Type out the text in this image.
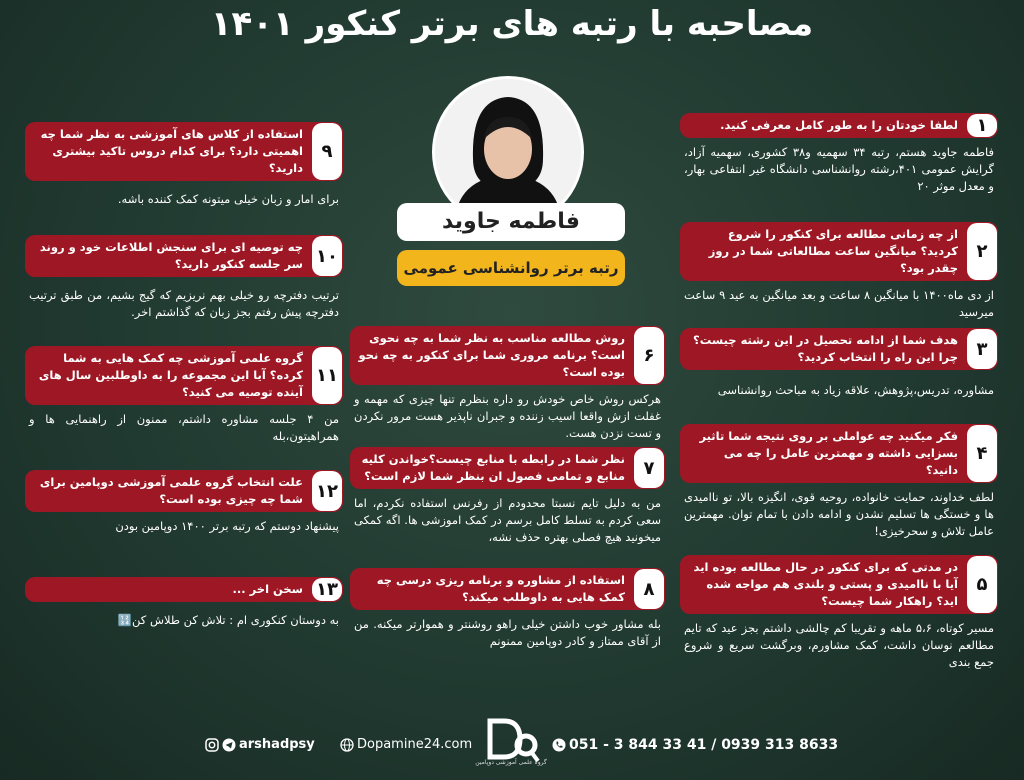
مصاحبه با رتبه های برتر کنکور ۱۴۰۱
فاطمه جاوید
رتبه برتر روانشناسی عمومی
۱
لطفا خودتان را به طور کامل معرفی کنید.
فاطمه جاوید هستم، رتبه ۳۴ سهمیه و۳۸ کشوری، سهمیه آزاد، گرایش عمومی ۴۰۱،رشته روانشناسی دانشگاه غیر انتفاعی بهار، و معدل موثر ۲۰
۲
از چه زمانی مطالعه برای کنکور را شروع کردید؟ میانگین ساعت مطالعاتی شما در روز چقدر بود؟
از دی ماه۱۴۰۰ با میانگین ۸ ساعت و بعد میانگین به عید ۹ ساعت میرسید
۳
هدف شما از ادامه تحصیل در این رشته چیست؟ چرا این راه را انتخاب کردید؟
مشاوره، تدریس،پژوهش، علاقه زیاد به مباحث روانشناسی
۴
فکر میکنید چه عواملی بر روی نتیجه شما تاثیر بسزایی داشته و مهمترین عامل را چه می دانید؟
لطف خداوند، حمایت خانواده، روحیه قوی، انگیزه بالا، تو ناامیدی ها و خستگی ها تسلیم نشدن و ادامه دادن با تمام توان. مهمترین عامل تلاش و سحرخیزی!
۵
در مدتی که برای کنکور در حال مطالعه بوده اید آیا با ناامیدی و پستی و بلندی هم مواجه شده اید؟ راهکار شما چیست؟
مسیر کوتاه، ۵،۶ ماهه و تقریبا کم چالشی داشتم بجز عید که تایم مطالعم نوسان داشت، کمک مشاورم، وبرگشت سریع و شروع جمع بندی
۶
روش مطالعه مناسب به نظر شما به چه نحوی است؟ برنامه مروری شما برای کنکور به چه نحو بوده است؟
هرکس روش خاص خودش رو داره بنظرم تنها چیزی که مهمه و غفلت ازش واقعا اسیب زننده و جبران ناپذیر هست مرور نکردن و تست نزدن هست.
۷
نظر شما در رابطه با منابع چیست؟خواندن کلیه منابع و تمامی فصول ان بنظر شما لازم است؟
من به دلیل تایم نسبتا محدودم از رفرنس استفاده نکردم، اما سعی کردم به تسلط کامل برسم در کمک اموزشی ها. اگه کمکی میخونید هیچ فصلی بهتره حذف نشه،
۸
استفاده از مشاوره و برنامه ریزی درسی چه کمک هایی به داوطلب میکند؟
بله مشاور خوب داشتن خیلی راهو روشنتر و هموارتر میکنه. من از آقای ممتاز و کادر دوپامین ممنونم
۹
استفاده از کلاس های آموزشی به نظر شما چه اهمیتی دارد؟ برای کدام دروس تاکید بیشتری دارید؟
برای امار و زبان خیلی میتونه کمک کننده باشه.
۱۰
چه توصیه ای برای سنجش اطلاعات خود و روند سر جلسه کنکور دارید؟
ترتیب دفترچه رو خیلی بهم نریزیم که گیج بشیم، من طبق ترتیب دفترچه پیش رفتم بجز زبان که گذاشتم اخر.
۱۱
گروه علمی آموزشی چه کمک هایی به شما کرده؟ آیا این مجموعه را به داوطلبین سال های آینده توصیه می کنید؟
من ۴ جلسه مشاوره داشتم، ممنون از راهنمایی ها و همراهیتون،بله
۱۲
علت انتخاب گروه علمی آموزشی دوپامین برای شما چه چیزی بوده است؟
پیشنهاد دوستم که رتبه برتر ۱۴۰۰ دوپامین بودن
۱۳
سخن اخر ...
به دوستان کنکوری ام : تلاش کن طلاش کن🔢
arshadpsy	Dopamine24.com
گروه علمی آموزشی دوپامین
051 - 3 844 33 41 / 0939 313 8633
